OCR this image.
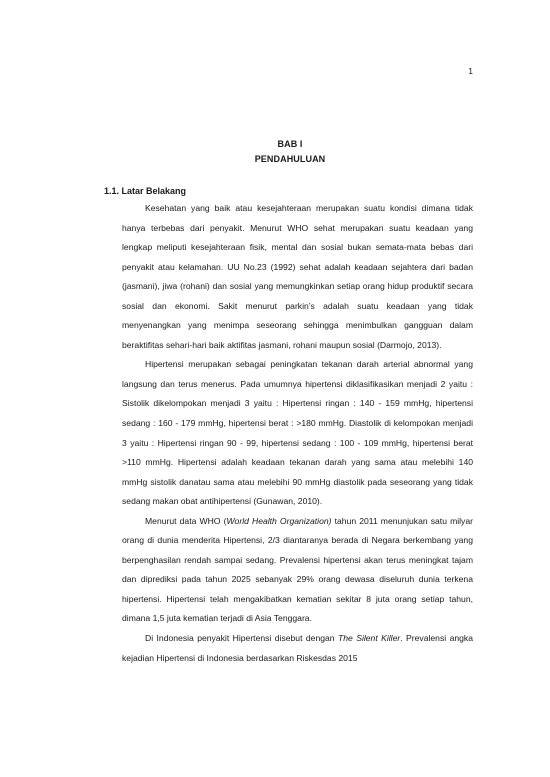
1
BAB I
PENDAHULUAN
1.1. Latar Belakang

Kesehatan yang baik atau kesejahteraan merupakan suatu kondisi dimana tidak hanya terbebas dari penyakit. Menurut WHO sehat merupakan suatu keadaan yang lengkap meliputi kesejahteraan fisik, mental dan sosial bukan semata-mata bebas dari penyakit atau kelamahan. UU No.23 (1992) sehat adalah keadaan sejahtera dari badan (jasmani), jiwa (rohani) dan sosial yang memungkinkan setiap orang hidup produktif secara sosial dan ekonomi. Sakit menurut parkin’s adalah suatu keadaan yang tidak menyenangkan yang menimpa seseorang sehingga menimbulkan gangguan dalam beraktifitas sehari-hari baik aktifitas jasmani, rohani maupun sosial (Darmojo, 2013).

Hipertensi merupakan sebagai peningkatan tekanan darah arterial abnormal yang langsung dan terus menerus. Pada umumnya hipertensi diklasifikasikan menjadi 2 yaitu : Sistolik dikelompokan menjadi 3 yaitu : Hipertensi ringan : 140 - 159 mmHg, hipertensi sedang : 160 - 179 mmHg, hipertensi berat : >180 mmHg. Diastolik di kelompokan menjadi 3 yaitu : Hipertensi ringan 90 - 99, hipertensi sedang : 100 - 109 mmHg, hipertensi berat >110 mmHg. Hipertensi adalah keadaan tekanan darah yang sama atau melebihi 140 mmHg sistolik danatau sama atau melebihi 90 mmHg diastolik pada seseorang yang tidak sedang makan obat antihipertensi (Gunawan, 2010).

Menurut data WHO (World Health Organization) tahun 2011 menunjukan satu milyar orang di dunia menderita Hipertensi, 2/3 diantaranya berada di Negara berkembang yang berpenghasilan rendah sampai sedang. Prevalensi hipertensi akan terus meningkat tajam dan diprediksi pada tahun 2025 sebanyak 29% orang dewasa diseluruh dunia terkena hipertensi. Hipertensi telah mengakibatkan kematian sekitar 8 juta orang setiap tahun, dimana 1,5 juta kematian terjadi di Asia Tenggara.

Di Indonesia penyakit Hipertensi disebut dengan The Silent Killer. Prevalensi angka kejadian Hipertensi di Indonesia berdasarkan Riskesdas 2015
